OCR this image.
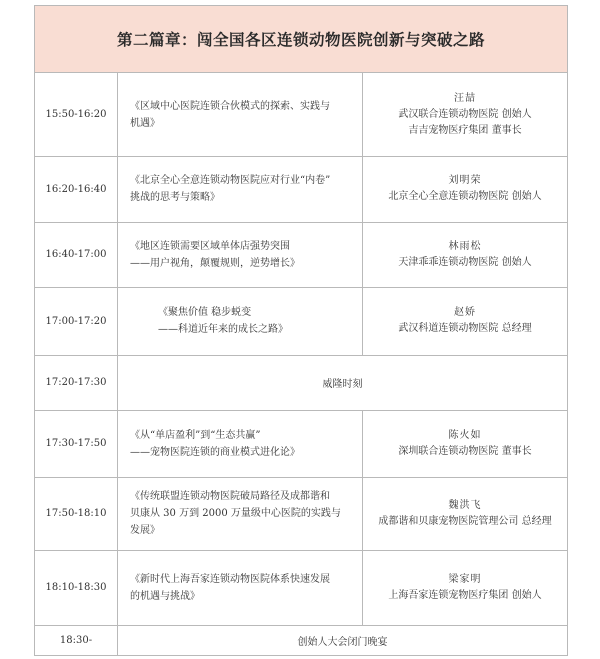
第二篇章：闯全国各区连锁动物医院创新与突破之路
15:50-16:20
《区域中心医院连锁合伙模式的探索、实践与
机遇》
汪喆
武汉联合连锁动物医院 创始人
吉吉宠物医疗集团 董事长
16:20-16:40
《北京全心全意连锁动物医院应对行业“内卷”
挑战的思考与策略》
刘明荣
北京全心全意连锁动物医院 创始人
16:40-17:00
《地区连锁需要区域单体店强势突围
——用户视角，颠覆规则，逆势增长》
林雨松
天津乖乖连锁动物医院 创始人
17:00-17:20
《聚焦价值 稳步蜕变
——科道近年来的成长之路》
赵娇
武汉科道连锁动物医院 总经理
17:20-17:30	威隆时刻
17:30-17:50
《从“单店盈利”到“生态共赢”
——宠物医院连锁的商业模式进化论》
陈火如
深圳联合连锁动物医院 董事长
17:50-18:10
《传统联盟连锁动物医院破局路径及成都谐和
贝康从 30 万到 2000 万量级中心医院的实践与
发展》
魏洪飞
成都谐和贝康宠物医院管理公司 总经理
18:10-18:30
《新时代上海吾家连锁动物医院体系快速发展
的机遇与挑战》
梁家明
上海吾家连锁宠物医疗集团 创始人
18:30-	创始人大会闭门晚宴
